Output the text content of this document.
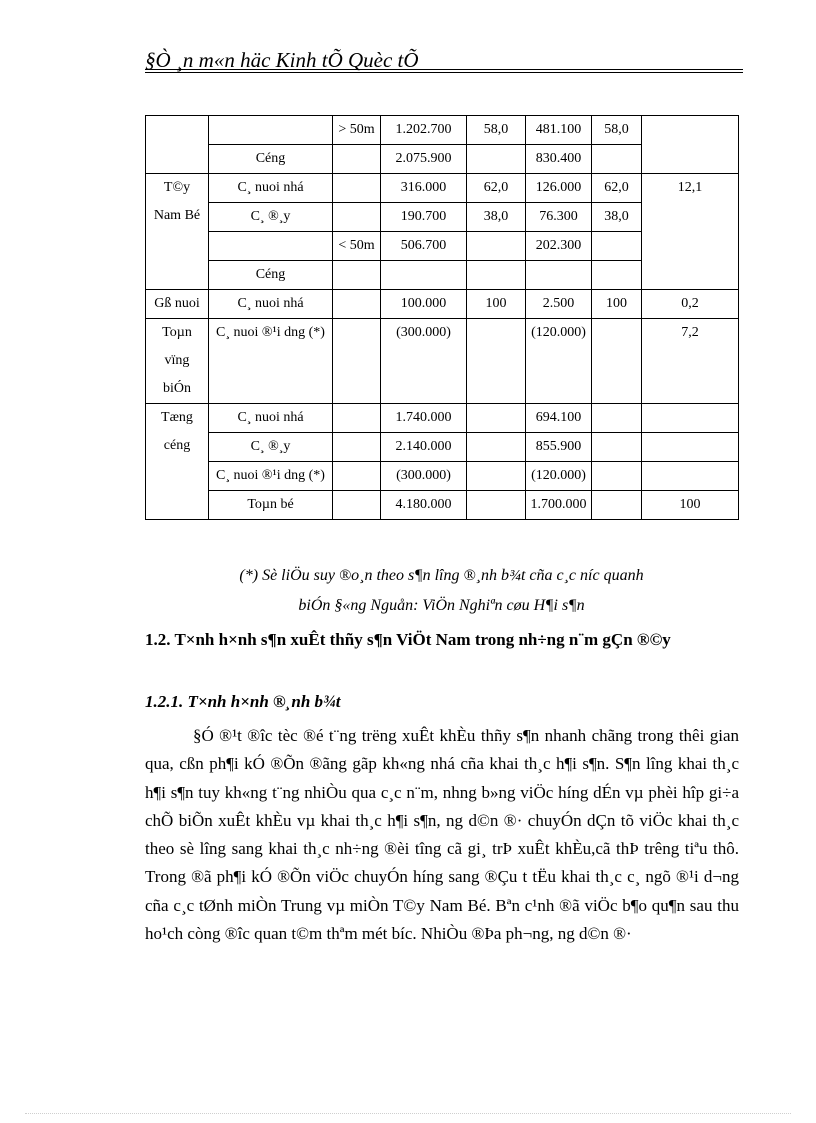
§Ò ¸n m«n häc Kinh tÕ Quèc tÕ
		> 50m	1.202.700	58,0	481.100	58,0	
	Céng		2.075.900		830.400		
T©y Nam Bé	C¸ nuoi nhá		316.000	62,0	126.000	62,0	12,1
	C¸ ®¸y		190.700	38,0	76.300	38,0	
		< 50m	506.700		202.300		
	Céng						
Gß nuoi	C¸ nuoi nhá		100.000	100	2.500	100	0,2
Toµn vïng biÓn	C¸ nuoi ®¹i dng (*)		(300.000)		(120.000)		7,2
Tæng céng	C¸ nuoi nhá		1.740.000		694.100		
	C¸ ®¸y		2.140.000		855.900		
	C¸ nuoi ®¹i dng (*)		(300.000)		(120.000)		
	Toµn bé		4.180.000		1.700.000		100
(*) Sè liÖu suy ®o¸n theo s¶n lîng ®¸nh b¾t cña c¸c níc quanh
biÓn §«ng Nguån: ViÖn Nghiªn cøu H¶i s¶n
1.2. T×nh h×nh s¶n xuÊt thñy s¶n ViÖt Nam trong nh÷ng n¨m gÇn ®©y
1.2.1. T×nh h×nh ®¸nh b¾t
§Ó ®¹t ®îc tèc ®é t¨ng trëng xuÊt khÈu thñy s¶n nhanh chãng trong thêi gian qua, cßn ph¶i kÓ ®Õn ®ãng gãp kh«ng nhá cña khai th¸c h¶i s¶n. S¶n lîng khai th¸c h¶i s¶n tuy kh«ng t¨ng nhiÒu qua c¸c n¨m, nhng b»ng viÖc híng dÉn vµ phèi hîp gi÷a chÕ biÕn xuÊt khÈu vµ khai th¸c h¶i s¶n, ng d©n ®· chuyÓn dÇn tõ viÖc khai th¸c theo sè lîng sang khai th¸c nh÷ng ®èi tîng cã gi¸ trÞ xuÊt khÈu,cã thÞ trêng tiªu thô. Trong ®ã ph¶i kÓ ®Õn viÖc chuyÓn híng sang ®Çu t tËu khai th¸c c¸ ngõ ®¹i d¬ng cña c¸c tØnh miÒn Trung vµ miÒn T©y Nam Bé. Bªn c¹nh ®ã viÖc b¶o qu¶n sau thu ho¹ch còng ®îc quan t©m thªm mét bíc. NhiÒu ®Þa ph¬ng, ng d©n ®·
